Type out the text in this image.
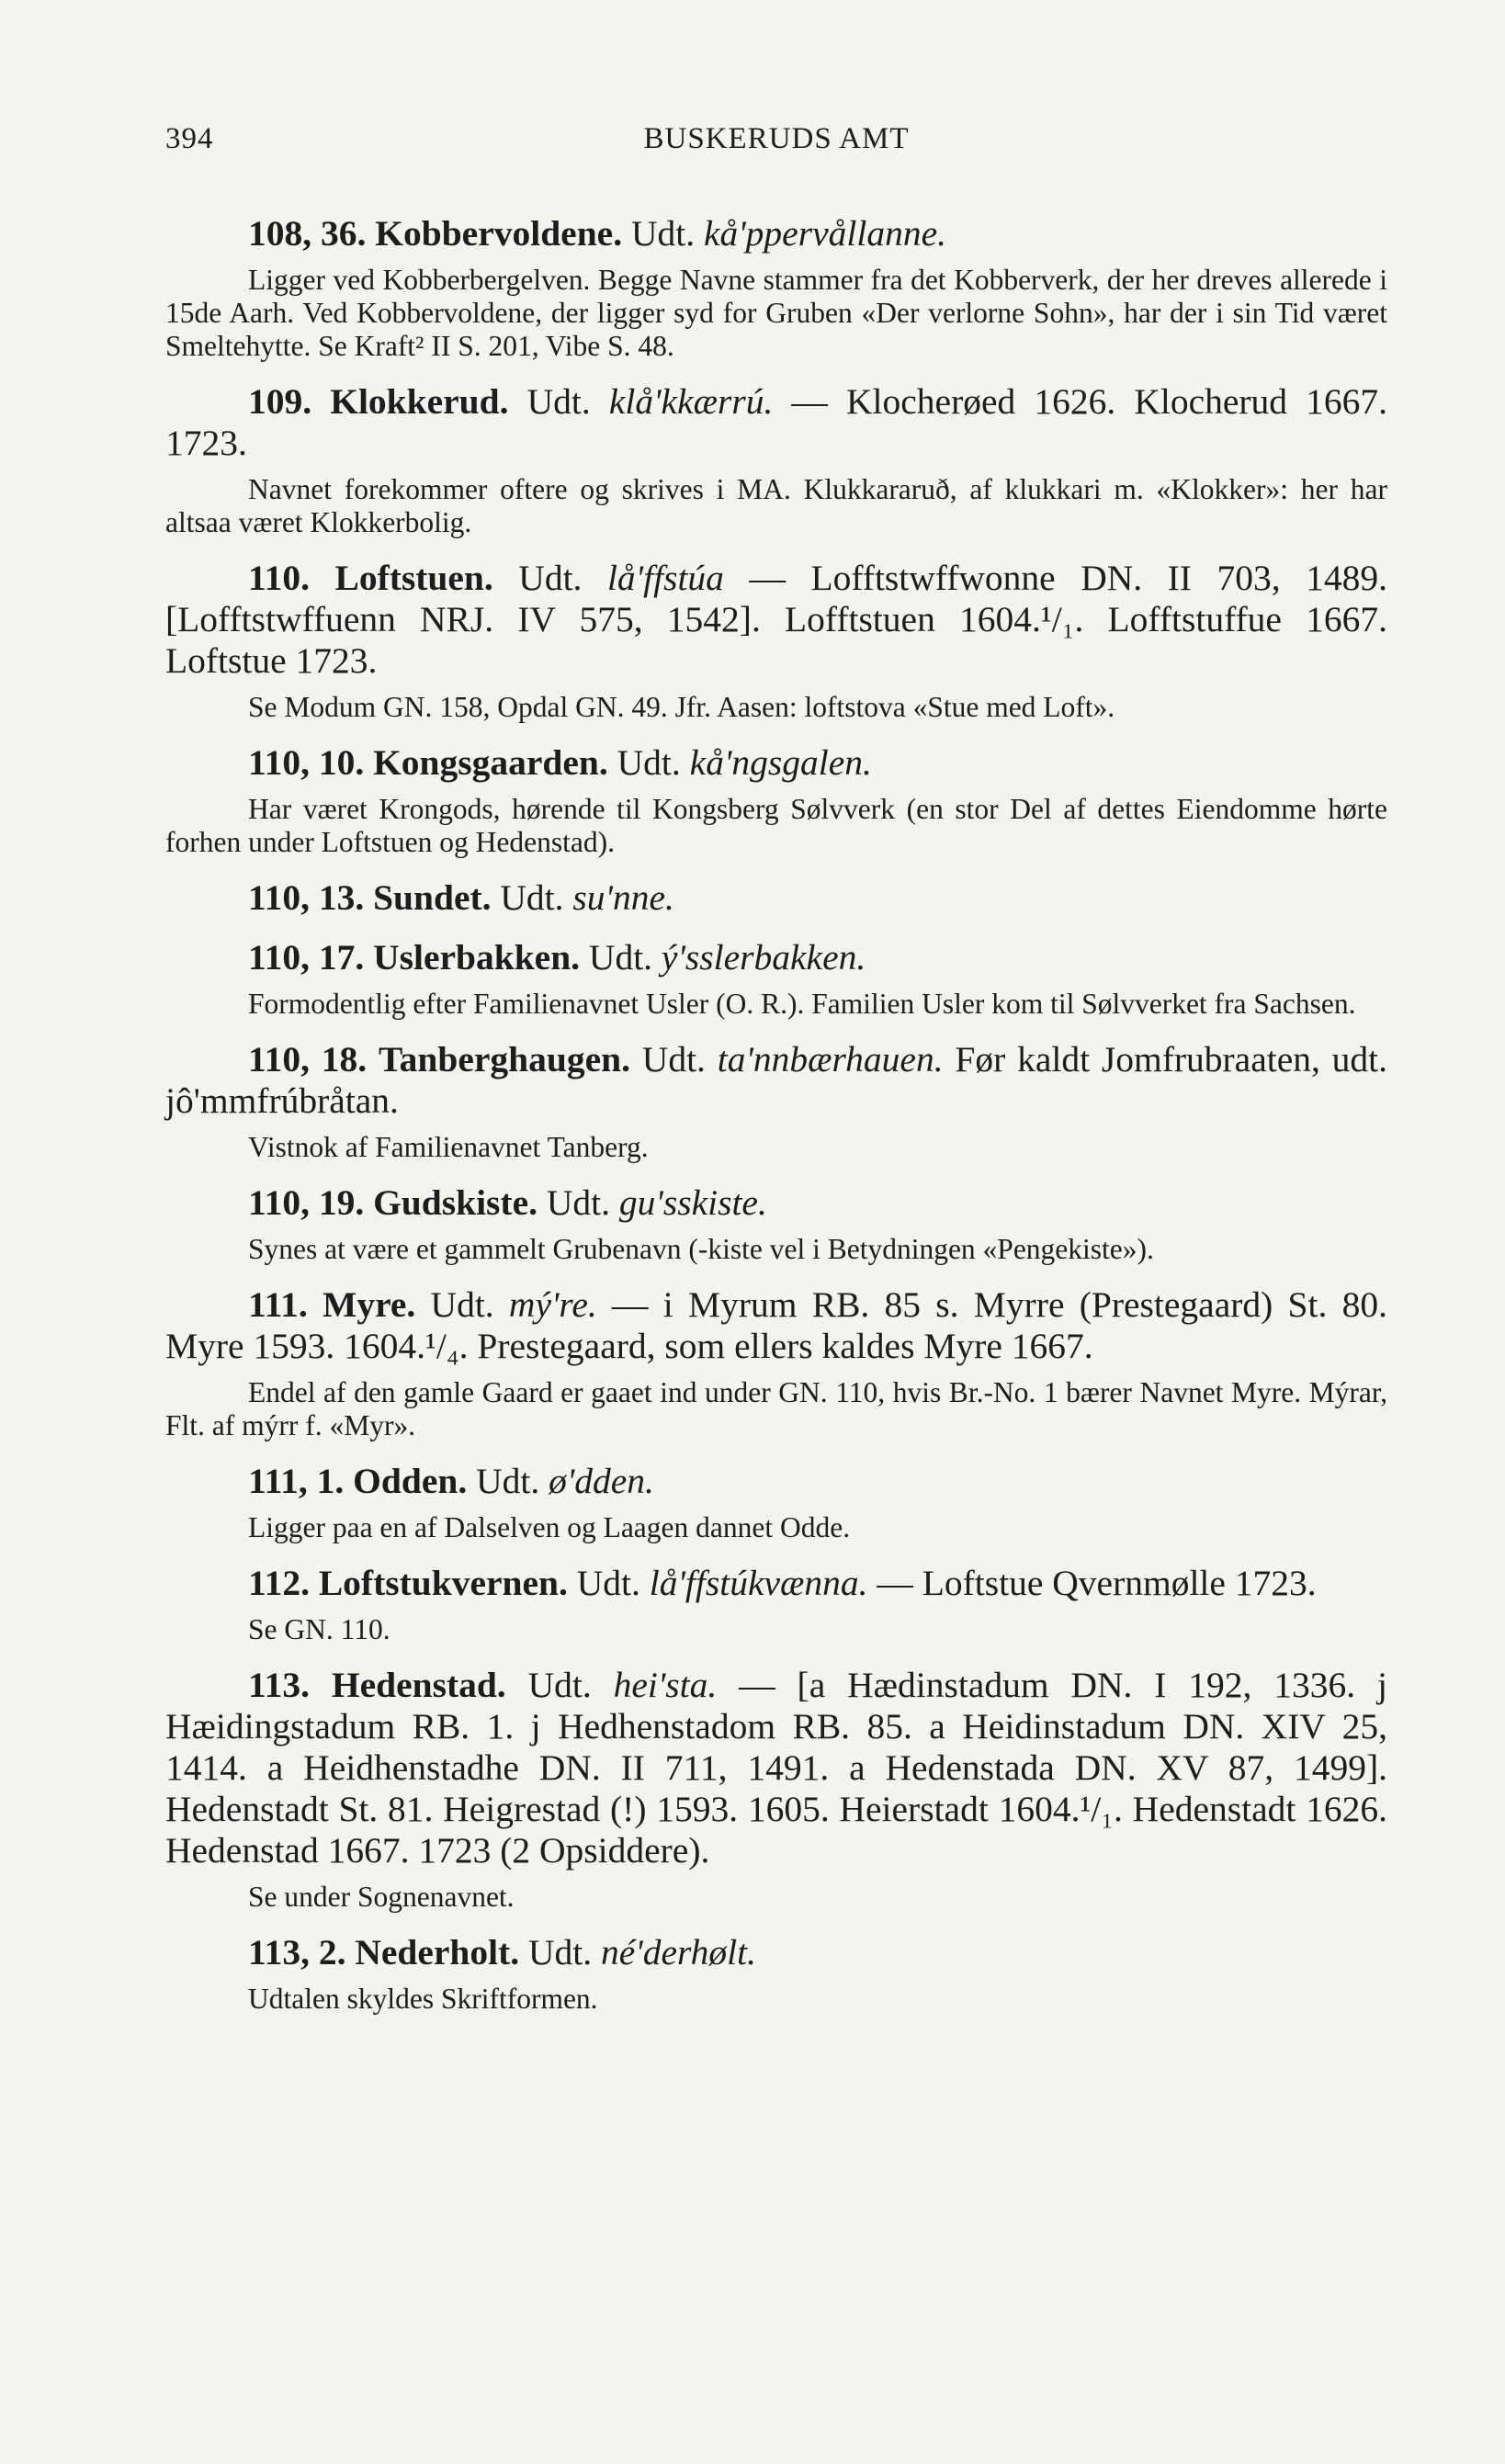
394	BUSKERUDS AMT

108, 36. Kobbervoldene. Udt. kå'ppervållanne.

Ligger ved Kobberbergelven. Begge Navne stammer fra det Kobberverk, der her dreves allerede i 15de Aarh. Ved Kobbervoldene, der ligger syd for Gruben «Der verlorne Sohn», har der i sin Tid været Smeltehytte. Se Kraft² II S. 201, Vibe S. 48.

109. Klokkerud. Udt. klå'kkærrú. — Klocherøed 1626. Klocherud 1667. 1723.

Navnet forekommer oftere og skrives i MA. Klukkararuð, af klukkari m. «Klokker»: her har altsaa været Klokkerbolig.

110. Loftstuen. Udt. lå'ffstúa — Lofftstwffwonne DN. II 703, 1489. [Lofftstwffuenn NRJ. IV 575, 1542]. Lofftstuen 1604.¹/₁. Lofftstuffue 1667. Loftstue 1723.

Se Modum GN. 158, Opdal GN. 49. Jfr. Aasen: loftstova «Stue med Loft».

110, 10. Kongsgaarden. Udt. kå'ngsgalen.

Har været Krongods, hørende til Kongsberg Sølvverk (en stor Del af dettes Eiendomme hørte forhen under Loftstuen og Hedenstad).

110, 13. Sundet. Udt. su'nne.

110, 17. Uslerbakken. Udt. ý'sslerbakken.

Formodentlig efter Familienavnet Usler (O. R.). Familien Usler kom til Sølvverket fra Sachsen.

110, 18. Tanberghaugen. Udt. ta'nnbærhauen. Før kaldt Jomfrubraaten, udt. jô'mmfrúbråtan.

Vistnok af Familienavnet Tanberg.

110, 19. Gudskiste. Udt. gu'sskiste.

Synes at være et gammelt Grubenavn (-kiste vel i Betydningen «Pengekiste»).

111. Myre. Udt. mý're. — i Myrum RB. 85 s. Myrre (Prestegaard) St. 80. Myre 1593. 1604.¹/₄. Prestegaard, som ellers kaldes Myre 1667.

Endel af den gamle Gaard er gaaet ind under GN. 110, hvis Br.-No. 1 bærer Navnet Myre. Mýrar, Flt. af mýrr f. «Myr».

111, 1. Odden. Udt. ø'dden.

Ligger paa en af Dalselven og Laagen dannet Odde.

112. Loftstukvernen. Udt. lå'ffstúkvænna. — Loftstue Qvernmølle 1723.

Se GN. 110.

113. Hedenstad. Udt. hei'sta. — [a Hædinstadum DN. I 192, 1336. j Hæidingstadum RB. 1. j Hedhenstadom RB. 85. a Heidinstadum DN. XIV 25, 1414. a Heidhenstadhe DN. II 711, 1491. a Hedenstada DN. XV 87, 1499]. Hedenstadt St. 81. Heigrestad (!) 1593. 1605. Heierstadt 1604.¹/₁. Hedenstadt 1626. Hedenstad 1667. 1723 (2 Opsiddere).

Se under Sognenavnet.

113, 2. Nederholt. Udt. né'derhølt.

Udtalen skyldes Skriftformen.
